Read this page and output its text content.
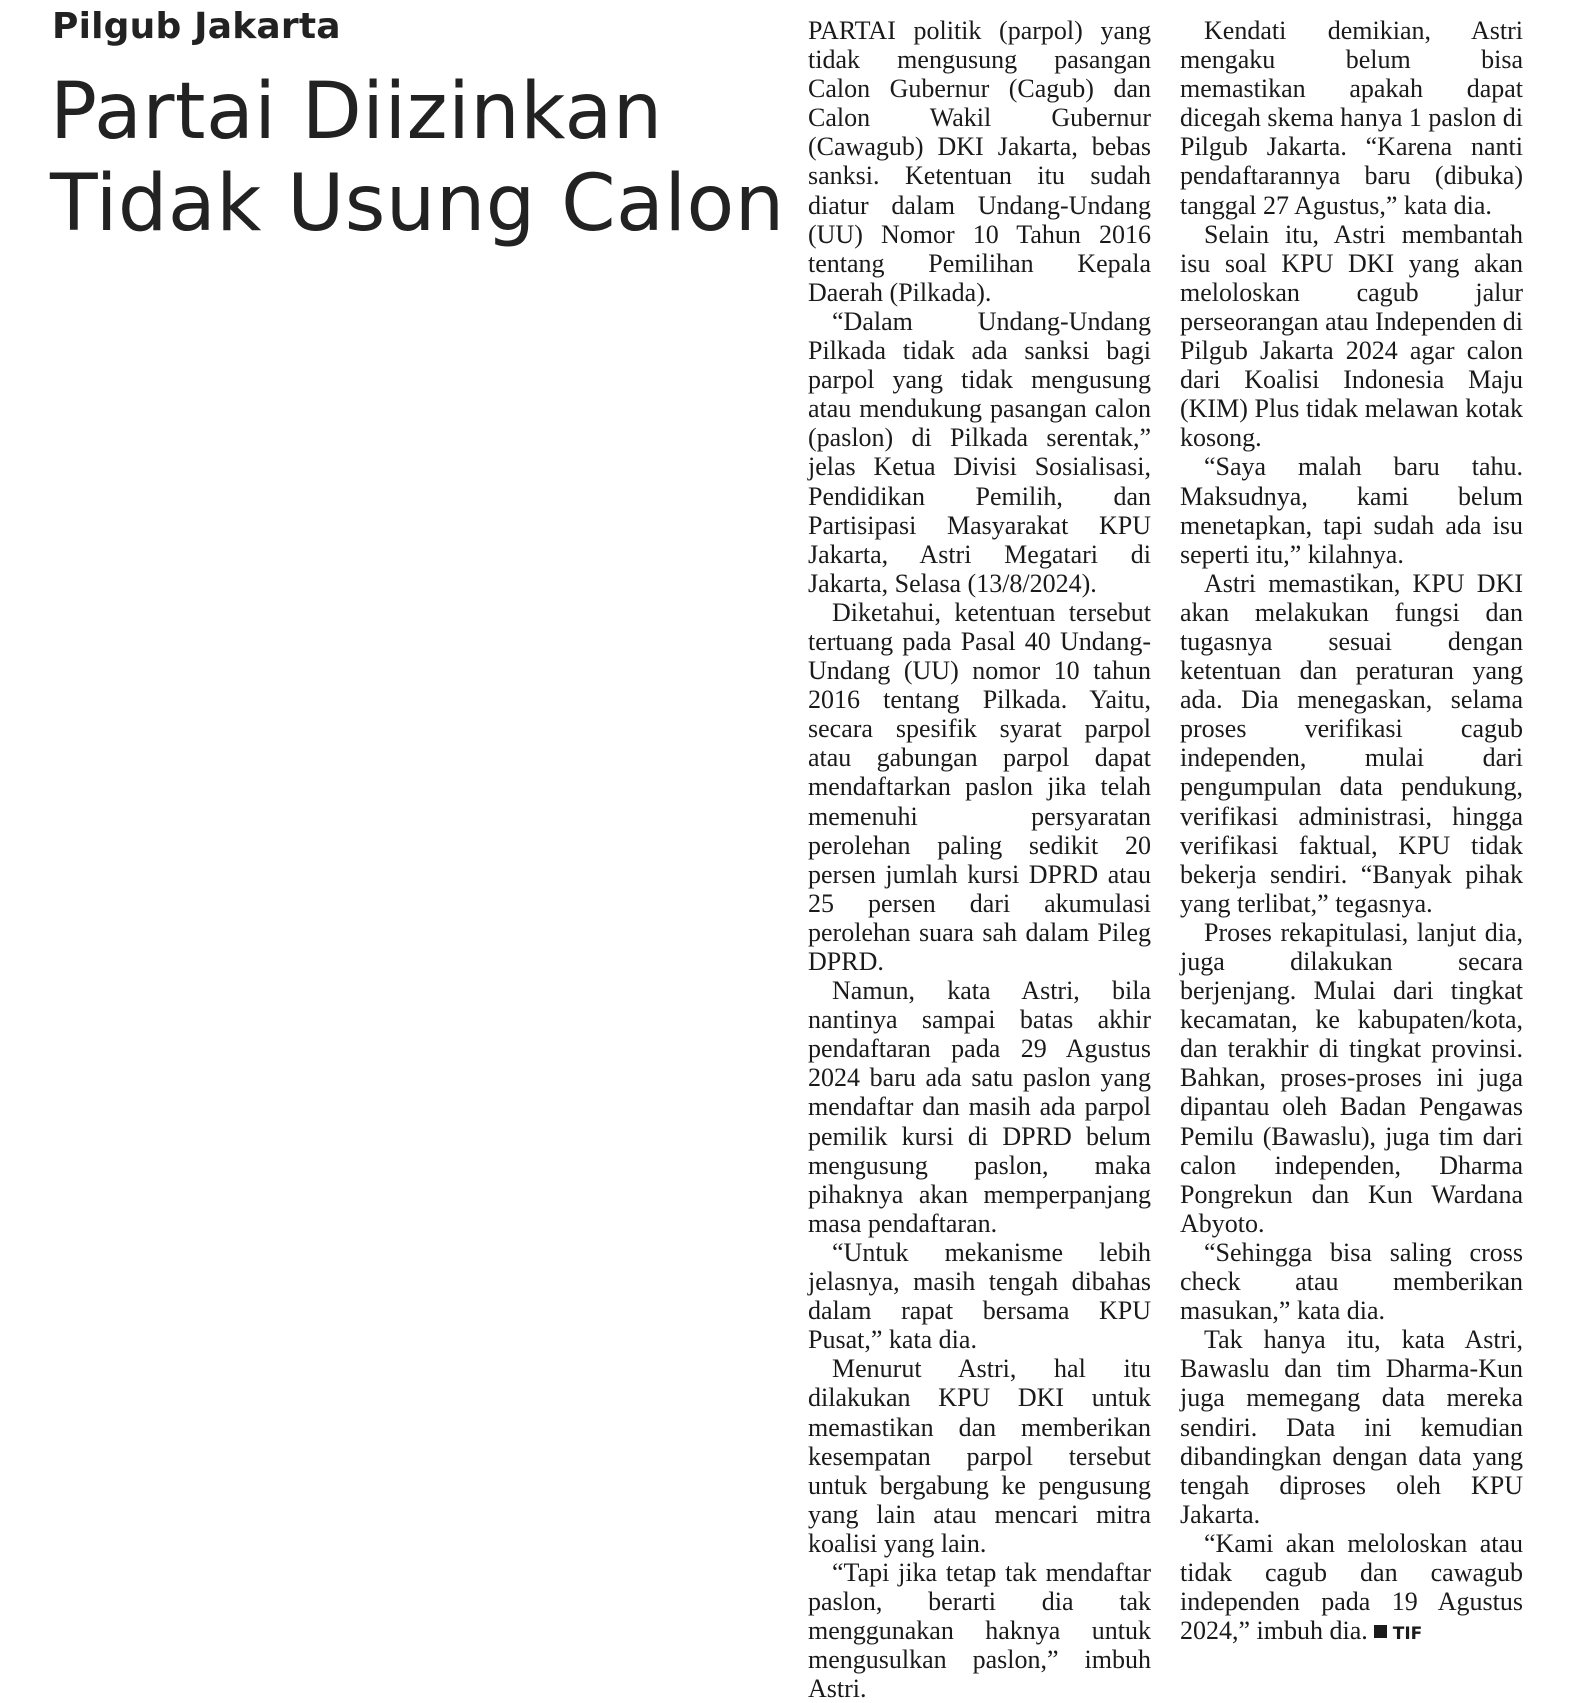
Pilgub Jakarta
Partai Diizinkan
Tidak Usung Calon

PARTAI politik (parpol) yang tidak mengusung pasangan Calon Gubernur (Cagub) dan Calon Wakil Gubernur (Cawagub) DKI Jakarta, bebas sanksi. Ketentuan itu sudah diatur dalam Undang-Undang (UU) Nomor 10 Tahun 2016 tentang Pemilihan Kepala Daerah (Pilkada).

“Dalam Undang-Undang Pilkada tidak ada sanksi bagi parpol yang tidak mengusung atau mendukung pasangan calon (paslon) di Pilkada serentak,” jelas Ketua Divisi Sosialisasi, Pendidikan Pemilih, dan Partisipasi Masyarakat KPU Jakarta, Astri Megatari di Jakarta, Selasa (13/8/2024).

Diketahui, ketentuan tersebut tertuang pada Pasal 40 Undang-Undang (UU) nomor 10 tahun 2016 tentang Pilkada. Yaitu, secara spesifik syarat parpol atau gabungan parpol dapat mendaftarkan paslon jika telah memenuhi persyaratan perolehan paling sedikit 20 persen jumlah kursi DPRD atau 25 persen dari akumulasi perolehan suara sah dalam Pileg DPRD.

Namun, kata Astri, bila nantinya sampai batas akhir pendaftaran pada 29 Agustus 2024 baru ada satu paslon yang mendaftar dan masih ada parpol pemilik kursi di DPRD belum mengusung paslon, maka pihaknya akan memperpanjang masa pendaftaran.

“Untuk mekanisme lebih jelasnya, masih tengah dibahas dalam rapat bersama KPU Pusat,” kata dia.

Menurut Astri, hal itu dilakukan KPU DKI untuk memastikan dan memberikan kesempatan parpol tersebut untuk bergabung ke pengusung yang lain atau mencari mitra koalisi yang lain.

“Tapi jika tetap tak mendaftar paslon, berarti dia tak menggunakan haknya untuk mengusulkan paslon,” imbuh Astri.

Kendati demikian, Astri mengaku belum bisa memastikan apakah dapat dicegah skema hanya 1 paslon di Pilgub Jakarta. “Karena nanti pendaftarannya baru (dibuka) tanggal 27 Agustus,” kata dia.

Selain itu, Astri membantah isu soal KPU DKI yang akan meloloskan cagub jalur perseorangan atau Independen di Pilgub Jakarta 2024 agar calon dari Koalisi Indonesia Maju (KIM) Plus tidak melawan kotak kosong.

“Saya malah baru tahu. Maksudnya, kami belum menetapkan, tapi sudah ada isu seperti itu,” kilahnya.

Astri memastikan, KPU DKI akan melakukan fungsi dan tugasnya sesuai dengan ketentuan dan peraturan yang ada. Dia menegaskan, selama proses verifikasi cagub independen, mulai dari pengumpulan data pendukung, verifikasi administrasi, hingga verifikasi faktual, KPU tidak bekerja sendiri. “Banyak pihak yang terlibat,” tegasnya.

Proses rekapitulasi, lanjut dia, juga dilakukan secara berjenjang. Mulai dari tingkat kecamatan, ke kabupaten/kota, dan terakhir di tingkat provinsi. Bahkan, proses-proses ini juga dipantau oleh Badan Pengawas Pemilu (Bawaslu), juga tim dari calon independen, Dharma Pongrekun dan Kun Wardana Abyoto.

“Sehingga bisa saling cross check atau memberikan masukan,” kata dia.

Tak hanya itu, kata Astri, Bawaslu dan tim Dharma-Kun juga memegang data mereka sendiri. Data ini kemudian dibandingkan dengan data yang tengah diproses oleh KPU Jakarta.

“Kami akan meloloskan atau tidak cagub dan cawagub independen pada 19 Agustus 2024,” imbuh dia. TIF
